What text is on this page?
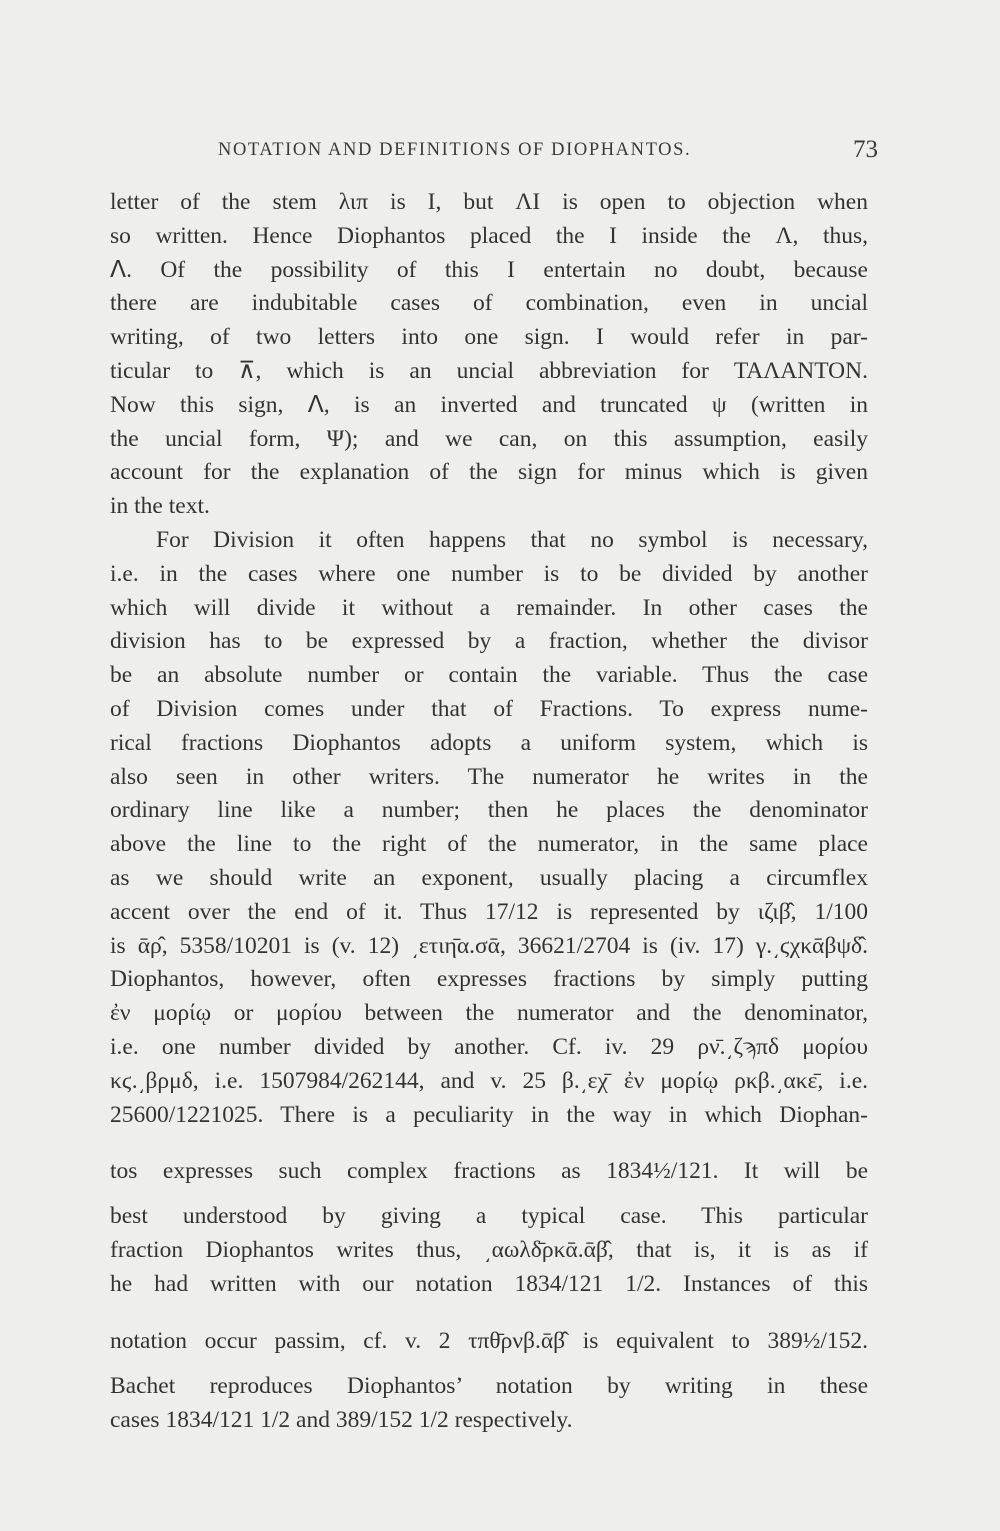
NOTATION AND DEFINITIONS OF DIOPHANTOS.	73
letter of the stem λιπ is I, but ΛI is open to objection when
so written. Hence Diophantos placed the I inside the Λ, thus,
ᐱ. Of the possibility of this I entertain no doubt, because
there are indubitable cases of combination, even in uncial
writing, of two letters into one sign. I would refer in par-
ticular to ⊼, which is an uncial abbreviation for ΤΑΛΑΝΤΟΝ.
Now this sign, ᐱ, is an inverted and truncated ψ (written in
the uncial form, Ψ); and we can, on this assumption, easily
account for the explanation of the sign for minus which is given
in the text.
For Division it often happens that no symbol is necessary,
i.e. in the cases where one number is to be divided by another
which will divide it without a remainder. In other cases the
division has to be expressed by a fraction, whether the divisor
be an absolute number or contain the variable. Thus the case
of Division comes under that of Fractions. To express nume-
rical fractions Diophantos adopts a uniform system, which is
also seen in other writers. The numerator he writes in the
ordinary line like a number; then he places the denominator
above the line to the right of the numerator, in the same place
as we should write an exponent, usually placing a circumflex
accent over the end of it. Thus 17/12 is represented by ιζιβ̂, 1/100
is ᾱρ̂, 5358/10201 is (v. 12) ͵ετιη̄α.σᾱ, 36621/2704 is (iv. 17) γ.͵ϛχκᾱβψδ̂.
Diophantos, however, often expresses fractions by simply putting
ἐν μορίῳ or μορίου between the numerator and the denominator,
i.e. one number divided by another. Cf. iv. 29 ρν̄.͵ζϡπδ μορίου
κϛ.͵βρμδ, i.e. 1507984/262144, and v. 25 β.͵εχ̄ ἐν μορίῳ ρκβ.͵ακε̄, i.e.
25600/1221025. There is a peculiarity in the way in which Diophan-
tos expresses such complex fractions as 1834½/121. It will be
best understood by giving a typical case. This particular
fraction Diophantos writes thus, ͵αωλδ̄ρκᾱ.ᾱβ̂, that is, it is as if
he had written with our notation 1834/121 1/2. Instances of this
notation occur passim, cf. v. 2 τπθ̄ρνβ.ᾱβ̂ is equivalent to 389½/152.
Bachet reproduces Diophantos’ notation by writing in these
cases 1834/121 1/2 and 389/152 1/2 respectively.
